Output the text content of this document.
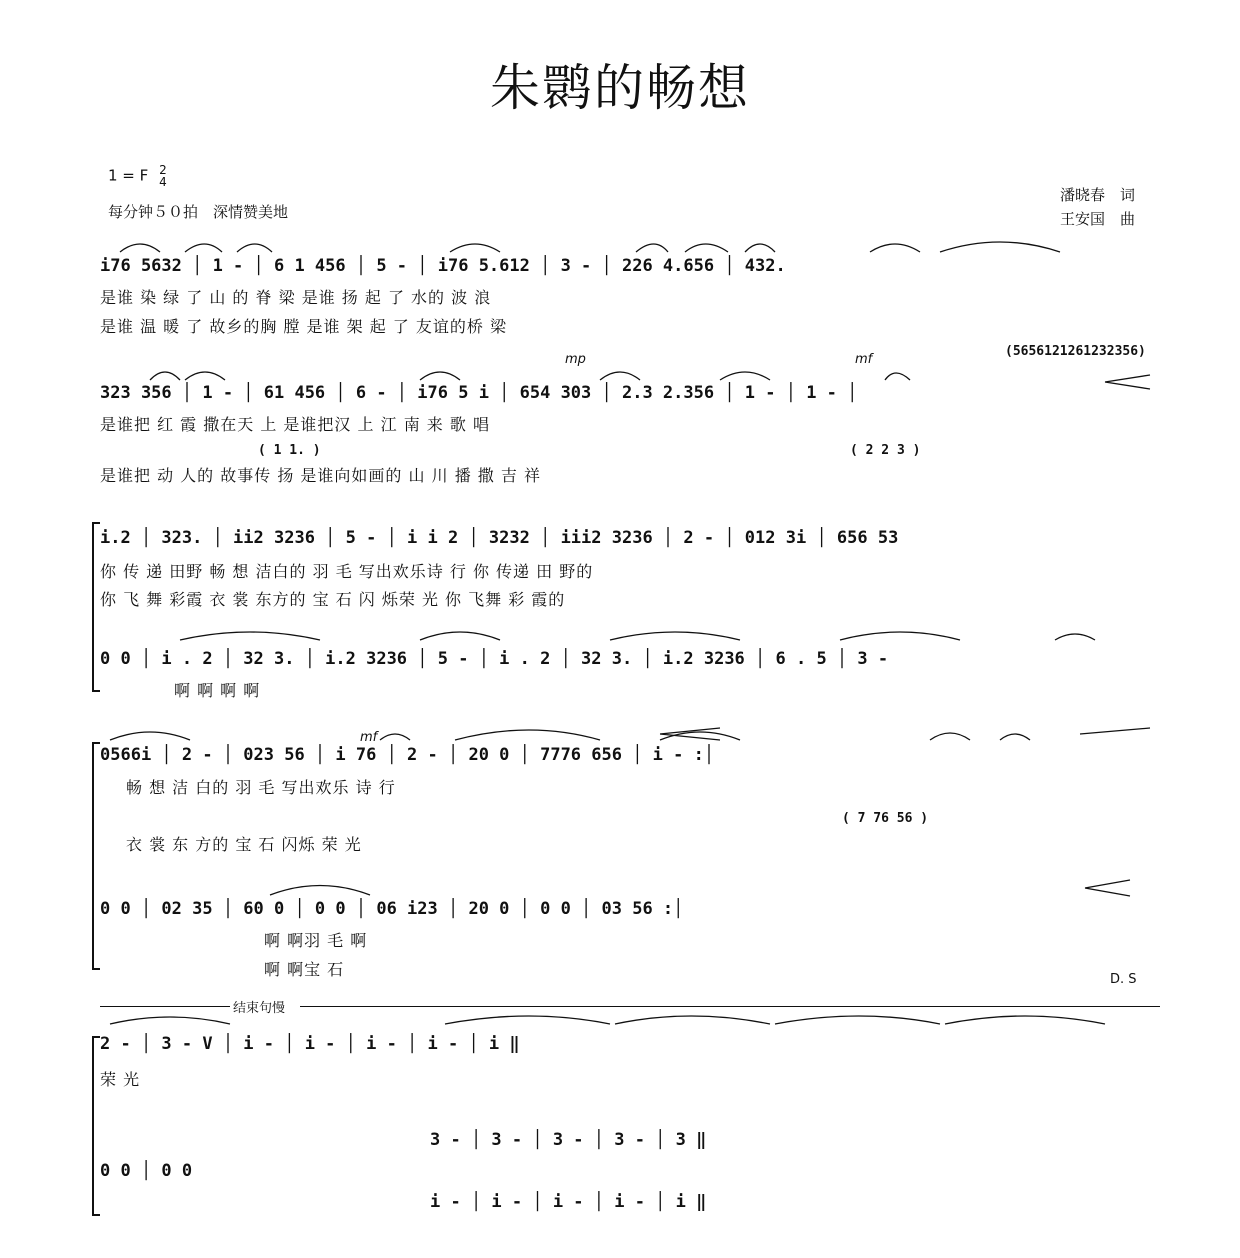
朱鹮的畅想
1 = F 2
4
每分钟５０拍　深情赞美地
潘晓春　词
王安国　曲
i76 5632 │ 1 - │ 6 1 456 │ 5 - │ i76 5.612 │ 3 - │ 226 4.656 │ 432.
是谁 染 绿 了 山 的 脊 梁 是谁 扬 起 了 水的 波 浪
是谁 温 暖 了 故乡的胸 膛 是谁 架 起 了 友谊的桥 梁
mp	mf
(5656121261232356)
323 356 │ 1 - │ 61 456 │ 6 - │ i76 5 i │ 654 303 │ 2.3 2.356 │ 1 - │ 1 - │
是谁把 红 霞 撒在天 上 是谁把汉 上 江 南 来 歌 唱
( 1 1. )	( 2 2 3 )
是谁把 动 人的 故事传 扬 是谁向如画的 山 川 播 撒 吉 祥
i.2 │ 323. │ ii2 3236 │ 5 - │ i i 2 │ 3232 │ iii2 3236 │ 2 - │ 012 3i │ 656 53
你 传 递 田野 畅 想 洁白的 羽 毛 写出欢乐诗 行 你 传递 田 野的
你 飞 舞 彩霞 衣 裳 东方的 宝 石 闪 烁荣 光 你 飞舞 彩 霞的
0 0 │ i . 2 │ 32 3. │ i.2 3236 │ 5 - │ i . 2 │ 32 3. │ i.2 3236 │ 6 . 5 │ 3 -
啊 啊 啊 啊
mf
0566i │ 2 - │ 023 56 │ i 76 │ 2 - │ 20 0 │ 7776 656 │ i - :│
畅 想 洁 白的 羽 毛 写出欢乐 诗 行
( 7 76 56 )
衣 裳 东 方的 宝 石 闪烁 荣 光
0 0 │ 02 35 │ 60 0 │ 0 0 │ 06 i23 │ 20 0 │ 0 0 │ 03 56 :│
啊 啊羽 毛 啊
啊 啊宝 石
D. S
结束句慢
2 - │ 3 - V │ i - │ i - │ i - │ i - │ i ‖
荣 光
3 - │ 3 - │ 3 - │ 3 - │ 3 ‖
0 0 │ 0 0
i - │ i - │ i - │ i - │ i ‖
